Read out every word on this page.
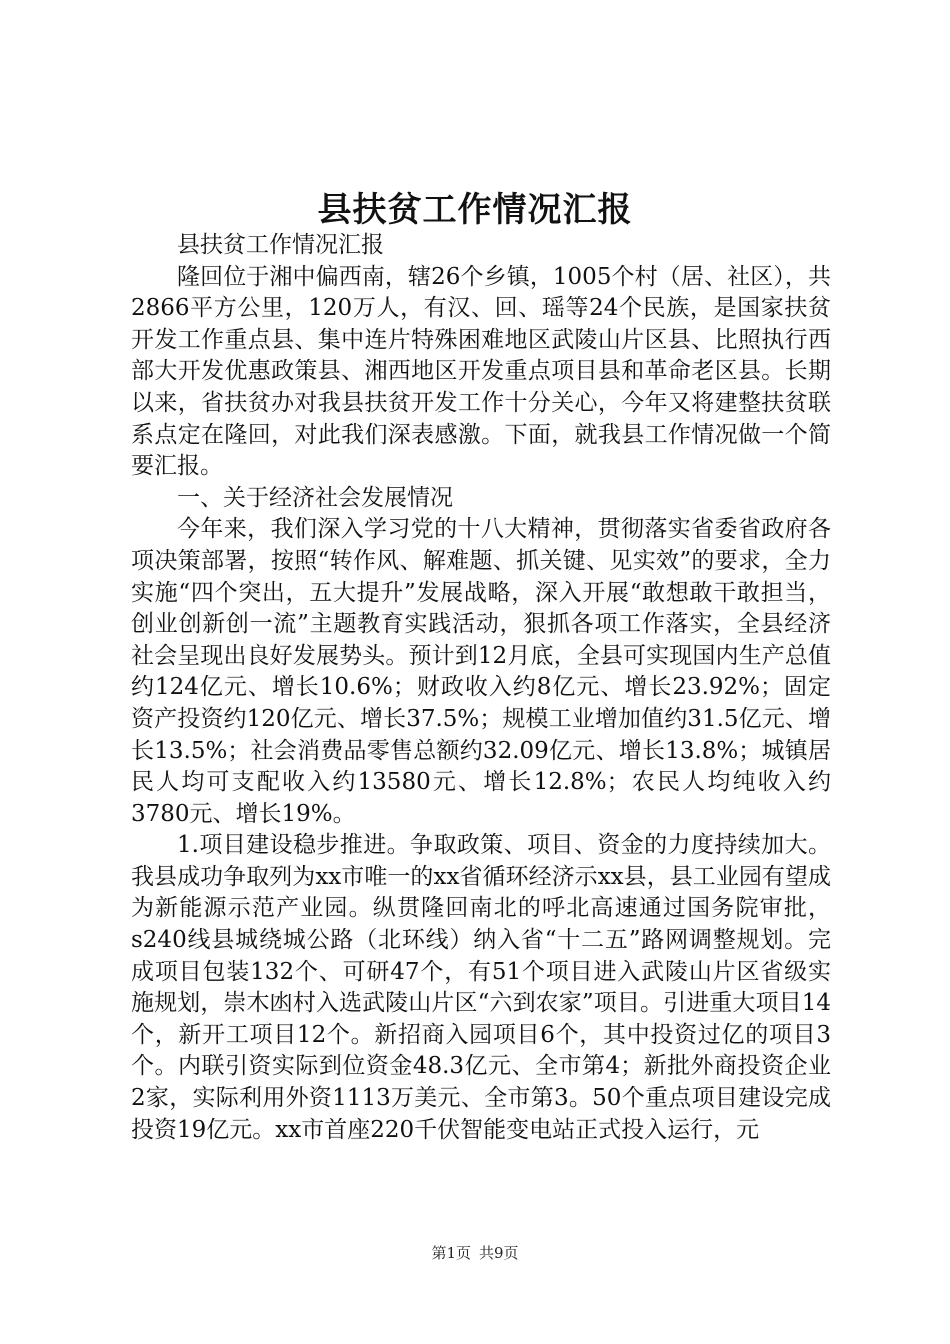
县扶贫工作情况汇报

县扶贫工作情况汇报

隆回位于湘中偏西南，辖26个乡镇，1005个村（居、社区），共2866平方公里，120万人，有汉、回、瑶等24个民族，是国家扶贫开发工作重点县、集中连片特殊困难地区武陵山片区县、比照执行西部大开发优惠政策县、湘西地区开发重点项目县和革命老区县。长期以来，省扶贫办对我县扶贫开发工作十分关心，今年又将建整扶贫联系点定在隆回，对此我们深表感激。下面，就我县工作情况做一个简要汇报。

一、关于经济社会发展情况

今年来，我们深入学习党的十八大精神，贯彻落实省委省政府各项决策部署，按照“转作风、解难题、抓关键、见实效”的要求，全力实施“四个突出，五大提升”发展战略，深入开展“敢想敢干敢担当，创业创新创一流”主题教育实践活动，狠抓各项工作落实，全县经济社会呈现出良好发展势头。预计到12月底，全县可实现国内生产总值约124亿元、增长10.6%；财政收入约8亿元、增长23.92%；固定资产投资约120亿元、增长37.5%；规模工业增加值约31.5亿元、增长13.5%；社会消费品零售总额约32.09亿元、增长13.8%；城镇居民人均可支配收入约13580元、增长12.8%；农民人均纯收入约3780元、增长19%。

1.项目建设稳步推进。争取政策、项目、资金的力度持续加大。我县成功争取列为xx市唯一的xx省循环经济示xx县，县工业园有望成为新能源示范产业园。纵贯隆回南北的呼北高速通过国务院审批，s240线县城绕城公路（北环线）纳入省“十二五”路网调整规划。完成项目包装132个、可研47个，有51个项目进入武陵山片区省级实施规划，崇木凼村入选武陵山片区“六到农家”项目。引进重大项目14个，新开工项目12个。新招商入园项目6个，其中投资过亿的项目3个。内联引资实际到位资金48.3亿元、全市第4；新批外商投资企业2家，实际利用外资1113万美元、全市第3。50个重点项目建设完成投资19亿元。xx市首座220千伏智能变电站正式投入运行，元

第1页 共9页
